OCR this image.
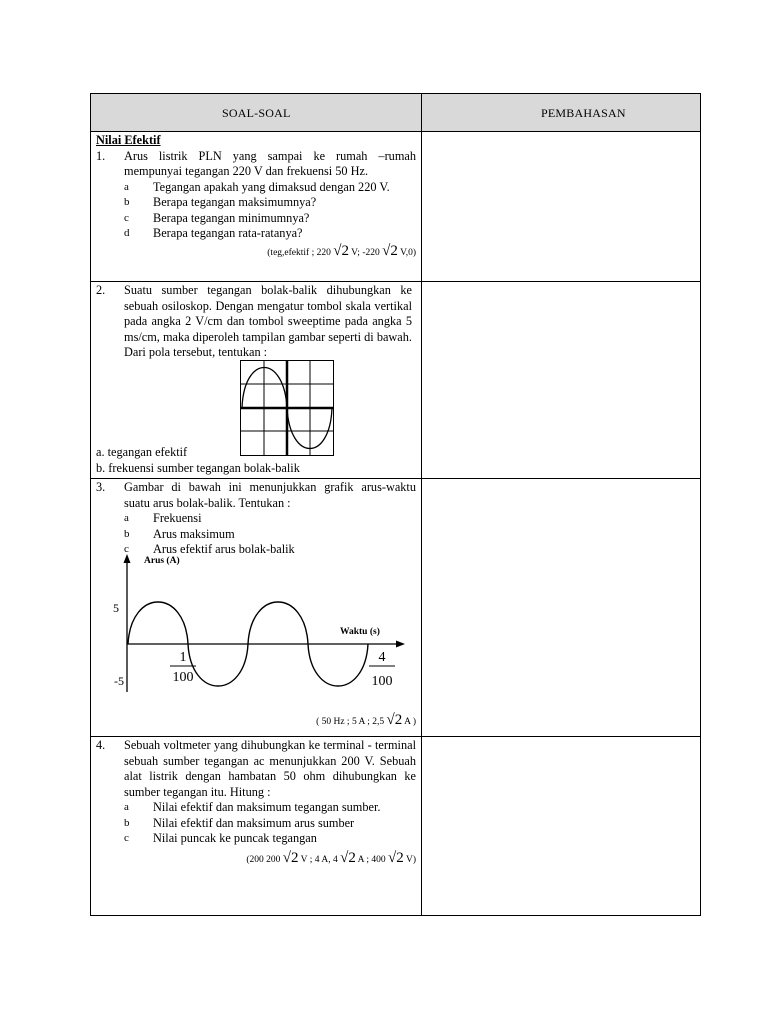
SOAL-SOAL	PEMBAHASAN
Nilai Efektif
1. Arus listrik PLN yang sampai ke rumah –rumah mempunyai tegangan 220 V dan frekuensi 50 Hz.
a Tegangan apakah yang dimaksud dengan 220 V.
b Berapa tegangan maksimumnya?
c Berapa tegangan minimumnya?
d Berapa tegangan rata-ratanya?
(teg,efektif ; 220 √2 V; -220 √2 V,0)
2. Suatu sumber tegangan bolak-balik dihubungkan ke sebuah osiloskop. Dengan mengatur tombol skala vertikal pada angka 2 V/cm dan tombol sweeptime pada angka 5 ms/cm, maka diperoleh tampilan gambar seperti di bawah. Dari pola tersebut, tentukan :
a. tegangan efektif
b. frekuensi sumber tegangan bolak-balik
3. Gambar di bawah ini menunjukkan grafik arus-waktu suatu arus bolak-balik. Tentukan :
a Frekuensi
b Arus maksimum
c Arus efektif arus bolak-balik
Arus (A)
Waktu (s)
5
-5
1
100
4
100
( 50 Hz ; 5 A ; 2,5 √2 A )
4. Sebuah voltmeter yang dihubungkan ke terminal - terminal sebuah sumber tegangan ac menunjukkan 200 V. Sebuah alat listrik dengan hambatan 50 ohm dihubungkan ke sumber tegangan itu. Hitung :
a Nilai efektif dan maksimum tegangan sumber.
b Nilai efektif dan maksimum arus sumber
c Nilai puncak ke puncak tegangan
(200 200 √2 V ; 4 A, 4 √2 A ; 400 √2 V)
